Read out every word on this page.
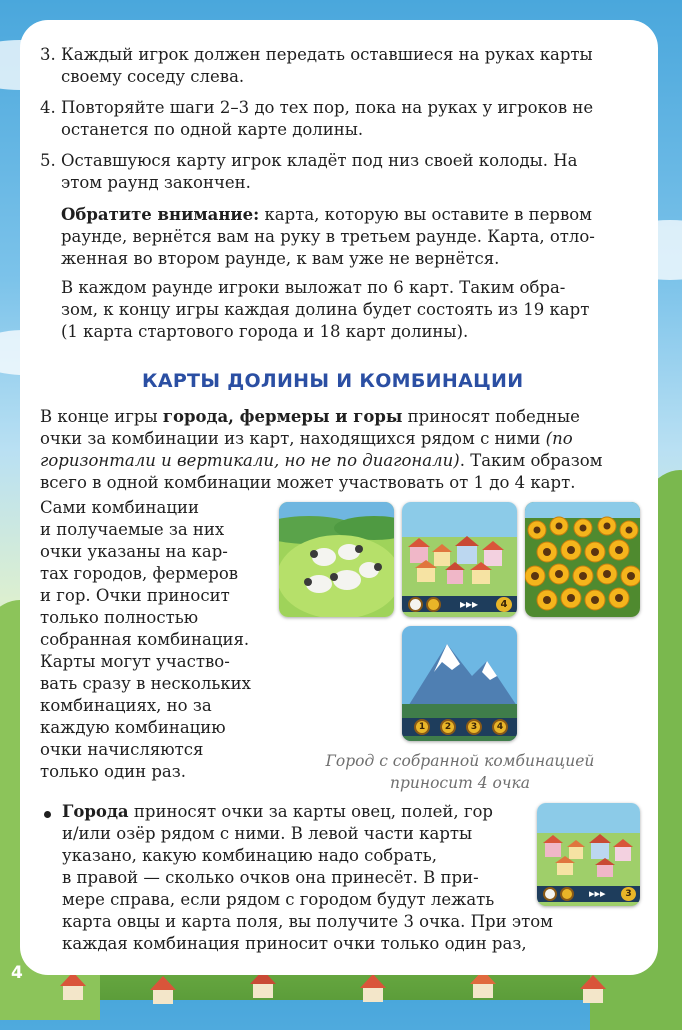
3. Каждый игрок должен передать оставшиеся на руках карты
своему соседу слева.
4. Повторяйте шаги 2–3 до тех пор, пока на руках у игроков не
останется по одной карте долины.
5. Оставшуюся карту игрок кладёт под низ своей колоды. На
этом раунд закончен.
Обратите внимание: карта, которую вы оставите в первом
раунде, вернётся вам на руку в третьем раунде. Карта, отло-
женная во втором раунде, к вам уже не вернётся.
В каждом раунде игроки выложат по 6 карт. Таким обра-
зом, к концу игры каждая долина будет состоять из 19 карт
(1 карта стартового города и 18 карт долины).
КАРТЫ ДОЛИНЫ И КОМБИНАЦИИ
В конце игры города, фермеры и горы приносят победные
очки за комбинации из карт, находящихся рядом с ними (по
горизонтали и вертикали, но не по диагонали). Таким образом
всего в одной комбинации может участвовать от 1 до 4 карт.
Сами комбинации
и получаемые за них
очки указаны на кар-
тах городов, фермеров
и гор. Очки приносит
только полностью
собранная комбинация.
Карты могут участво-
вать сразу в нескольких
комбинациях, но за
каждую комбинацию
очки начисляются
только один раз.
▸▸▸	4
1	2	3	4
Город с собранной комбинацией
приносит 4 очка
Города приносят очки за карты овец, полей, гор
и/или озёр рядом с ними. В левой части карты
указано, какую комбинацию надо собрать,
в правой — сколько очков она принесёт. В при-
мере справа, если рядом с городом будут лежать
карта овцы и карта поля, вы получите 3 очка. При этом
каждая комбинация приносит очки только один раз,
▸▸▸	3
4
